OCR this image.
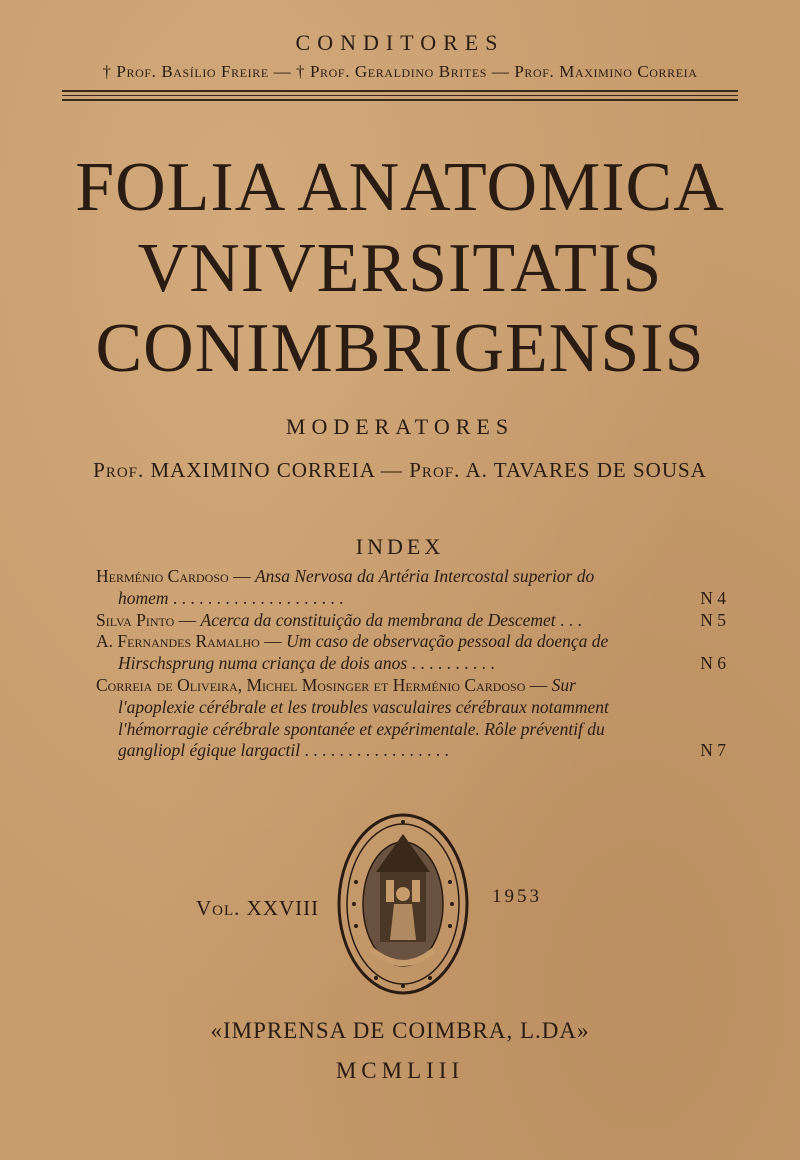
CONDITORES
† Prof. Basílio Freire — † Prof. Geraldino Brites — Prof. Maximino Correia
FOLIA ANATOMICA
VNIVERSITATIS
CONIMBRIGENSIS
MODERATORES
Prof. MAXIMINO CORREIA — Prof. A. TAVARES DE SOUSA
INDEX
Herménio Cardoso — Ansa Nervosa da Artéria Intercostal superior do
homem . . . . . . . . . . . . . . . . . . . .	N 4
Silva Pinto — Acerca da constituição da membrana de Descemet . . .	N 5
A. Fernandes Ramalho — Um caso de observação pessoal da doença de
Hirschsprung numa criança de dois anos . . . . . . . . . .	N 6
Correia de Oliveira, Michel Mosinger et Herménio Cardoso — Sur
l'apoplexie cérébrale et les troubles vasculaires cérébraux notamment
l'hémorragie cérébrale spontanée et expérimentale. Rôle préventif du
gangliopl égique largactil . . . . . . . . . . . . . . . . .	N 7
Vol. XXVIII	1953
«IMPRENSA DE COIMBRA, L.DA»
MCMLIII
